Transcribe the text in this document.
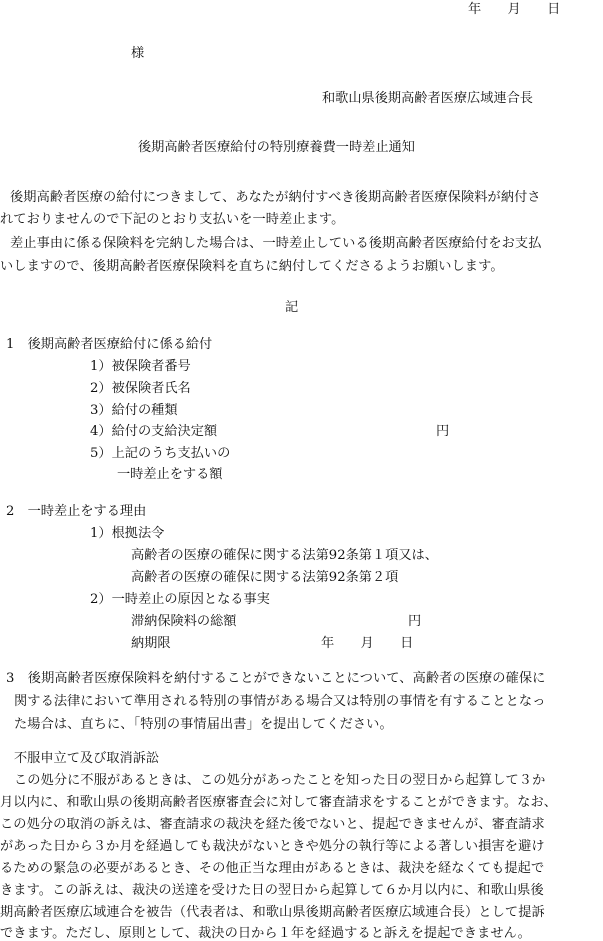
年　　月　　日
様
和歌山県後期高齢者医療広域連合長
後期高齢者医療給付の特別療養費一時差止通知
後期高齢者医療の給付につきまして、あなたが納付すべき後期高齢者医療保険料が納付さ
れておりませんので下記のとおり支払いを一時差止ます。
差止事由に係る保険料を完納した場合は、一時差止している後期高齢者医療給付をお支払
いしますので、後期高齢者医療保険料を直ちに納付してくださるようお願いします。
記
1　後期高齢者医療給付に係る給付
1）被保険者番号
2）被保険者氏名
3）給付の種類
4）給付の支給決定額	円
5）上記のうち支払いの
一時差止をする額
2　一時差止をする理由
1）根拠法令
高齢者の医療の確保に関する法第92条第１項又は、
高齢者の医療の確保に関する法第92条第２項
2）一時差止の原因となる事実
滞納保険料の総額	円
納期限	年　　月　　日
3　後期高齢者医療保険料を納付することができないことについて、高齢者の医療の確保に
関する法律において準用される特別の事情がある場合又は特別の事情を有することとなっ
た場合は、直ちに、「特別の事情届出書」を提出してください。
不服申立て及び取消訴訟
この処分に不服があるときは、この処分があったことを知った日の翌日から起算して３か
月以内に、和歌山県の後期高齢者医療審査会に対して審査請求をすることができます。なお、
この処分の取消の訴えは、審査請求の裁決を経た後でないと、提起できませんが、審査請求
があった日から３か月を経過しても裁決がないときや処分の執行等による著しい損害を避け
るための緊急の必要があるとき、その他正当な理由があるときは、裁決を経なくても提起で
きます。この訴えは、裁決の送達を受けた日の翌日から起算して６か月以内に、和歌山県後
期高齢者医療広域連合を被告（代表者は、和歌山県後期高齢者医療広域連合長）として提訴
できます。ただし、原則として、裁決の日から１年を経過すると訴えを提起できません。
